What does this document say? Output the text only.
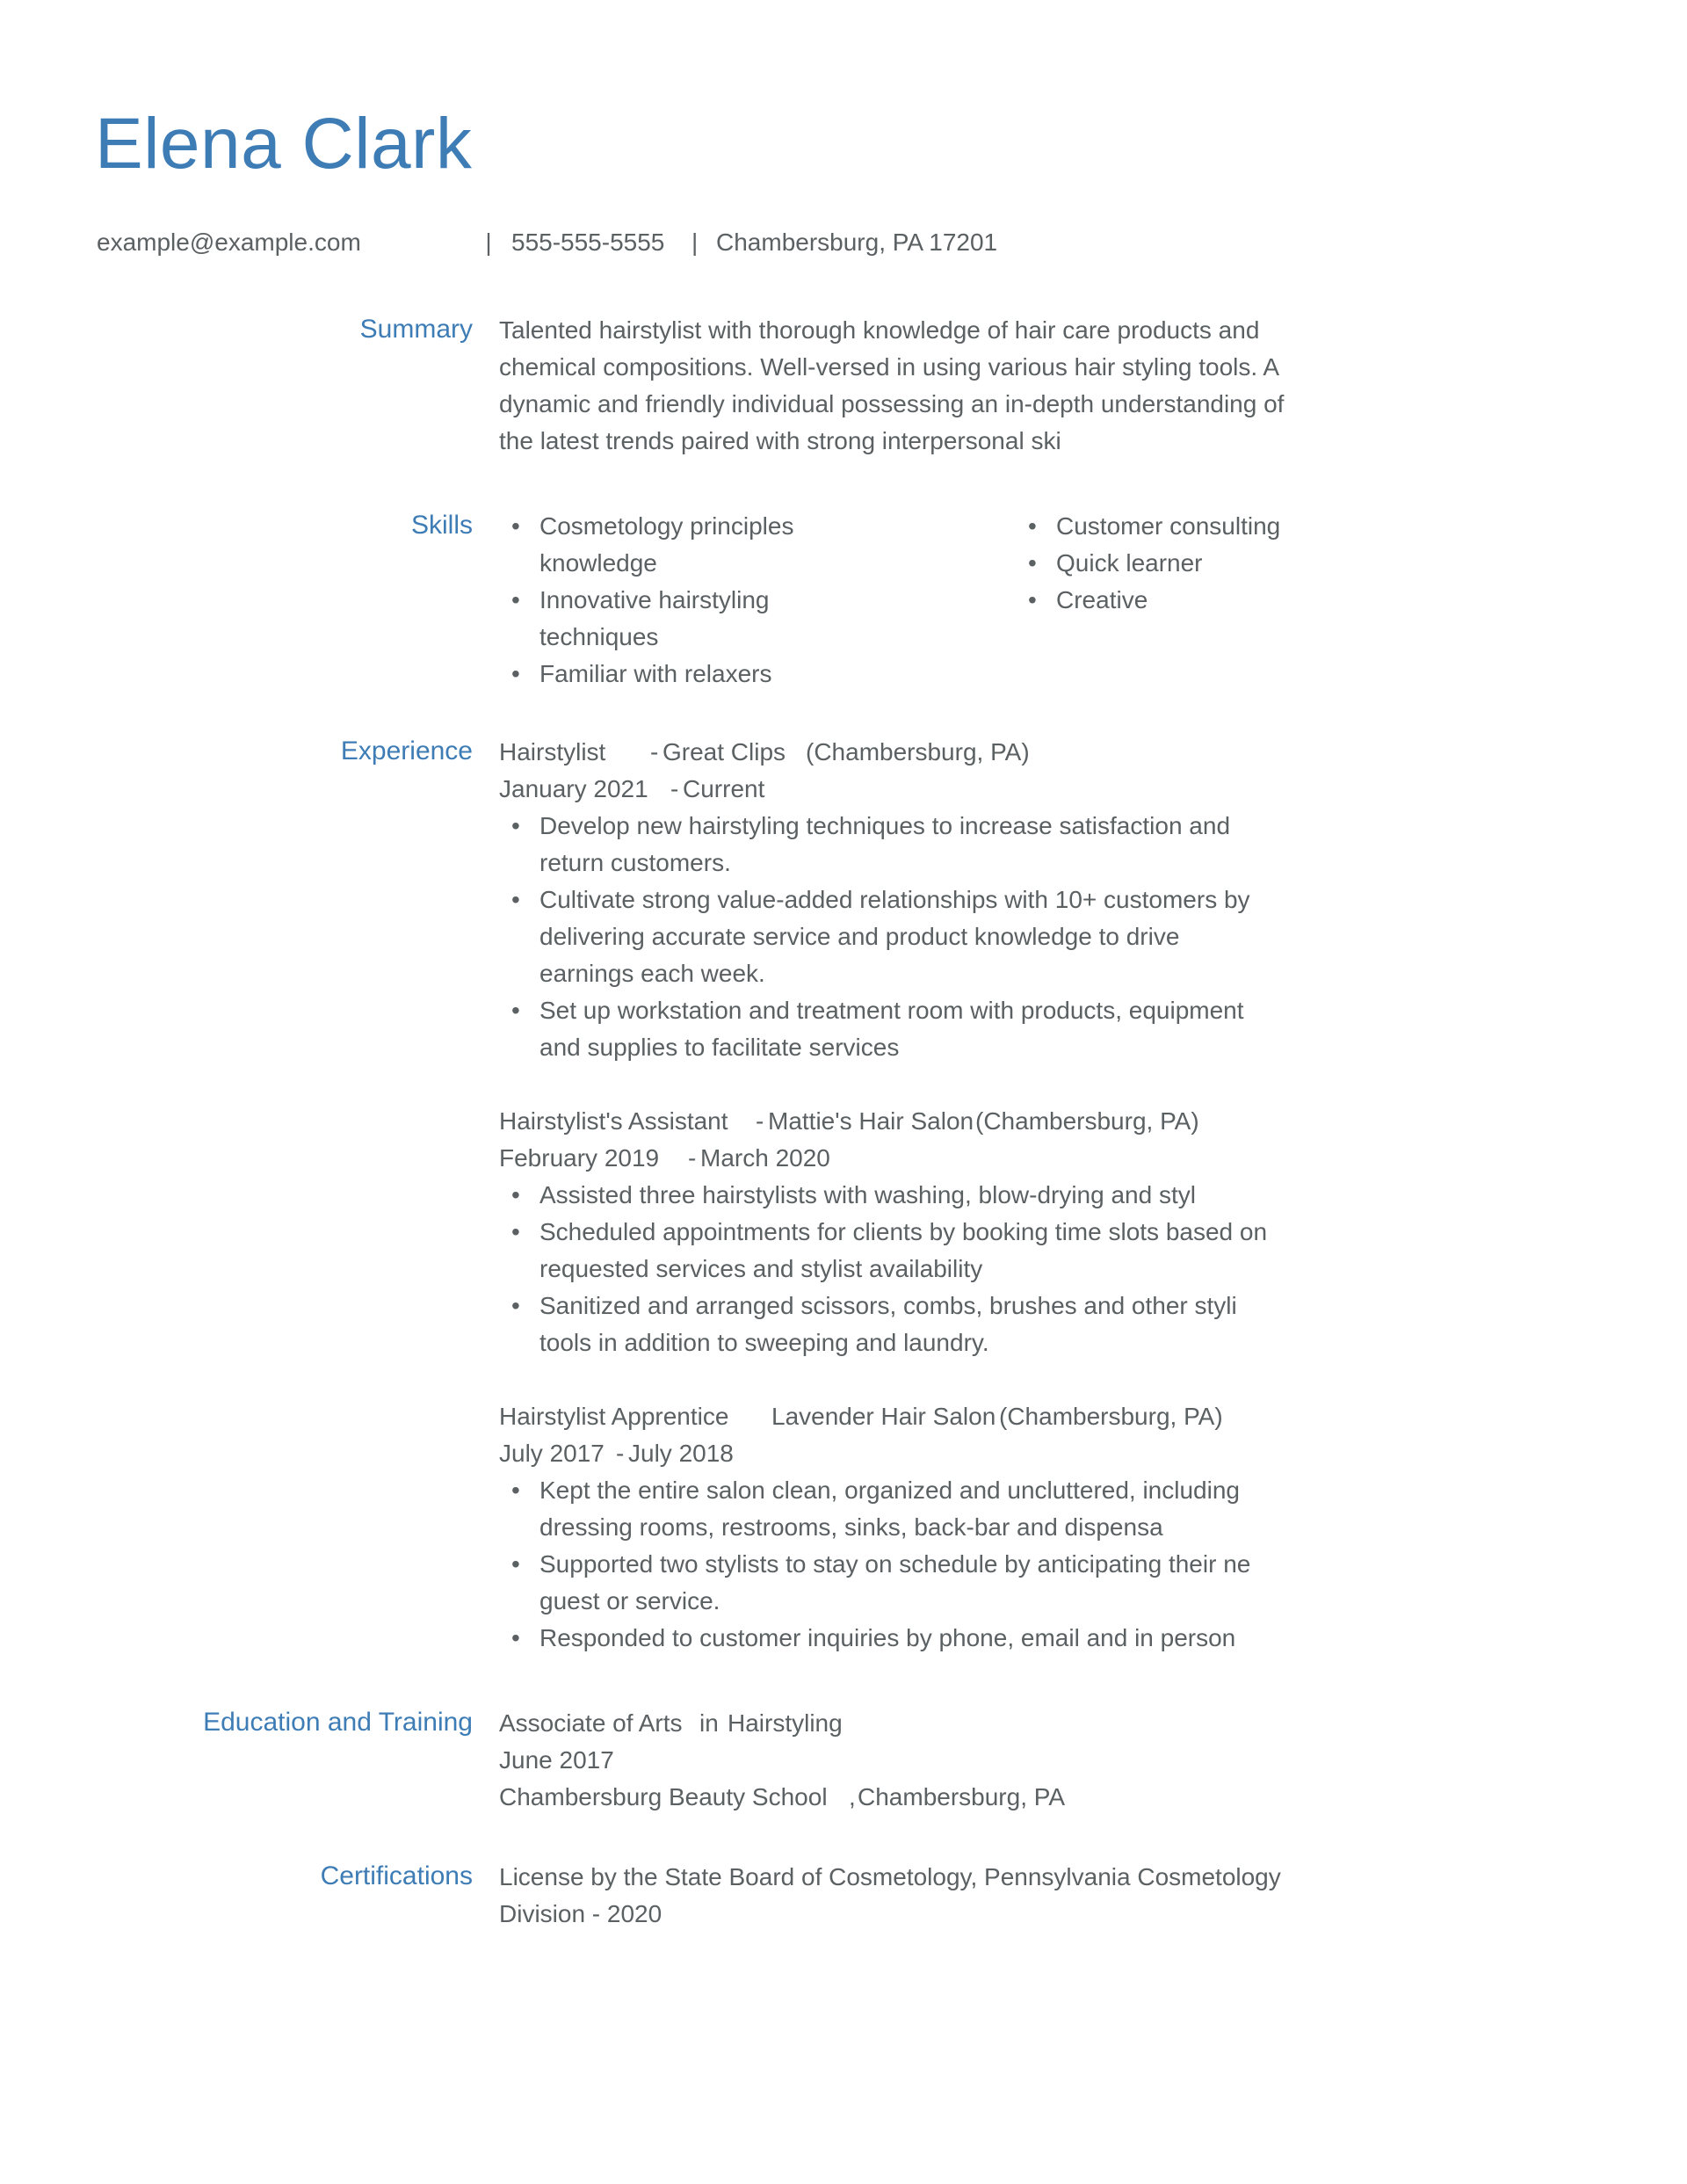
Elena Clark
example@example.com	| 555-555-5555 | Chambersburg, PA 17201
Summary Talented hairstylist with thorough knowledge of hair care products and
chemical compositions. Well-versed in using various hair styling tools. A
dynamic and friendly individual possessing an in-depth understanding of
the latest trends paired with strong interpersonal ski
Skills	• Cosmetology principles knowledge
• Innovative hairstyling techniques
• Familiar with relaxers
• Customer consulting
• Quick learner
• Creative
Experience Hairstylist - Great Clips (Chambersburg, PA)
January 2021 - Current
• Develop new hairstyling techniques to increase satisfaction and
return customers.
• Cultivate strong value-added relationships with 10+ customers by
delivering accurate service and product knowledge to drive
earnings each week.
• Set up workstation and treatment room with products, equipment
and supplies to facilitate services
Hairstylist's Assistant - Mattie's Hair Salon(Chambersburg, PA)
February 2019 - March 2020
• Assisted three hairstylists with washing, blow-drying and styl
• Scheduled appointments for clients by booking time slots based on
requested services and stylist availability
• Sanitized and arranged scissors, combs, brushes and other styli
tools in addition to sweeping and laundry.
Hairstylist Apprentice Lavender Hair Salon (Chambersburg, PA)
July 2017 - July 2018
• Kept the entire salon clean, organized and uncluttered, including
dressing rooms, restrooms, sinks, back-bar and dispensa
• Supported two stylists to stay on schedule by anticipating their ne
guest or service.
• Responded to customer inquiries by phone, email and in person
Education and Training Associate of Arts in Hairstyling
June 2017
Chambersburg Beauty School ,Chambersburg, PA
Certifications License by the State Board of Cosmetology, Pennsylvania Cosmetology
Division - 2020
